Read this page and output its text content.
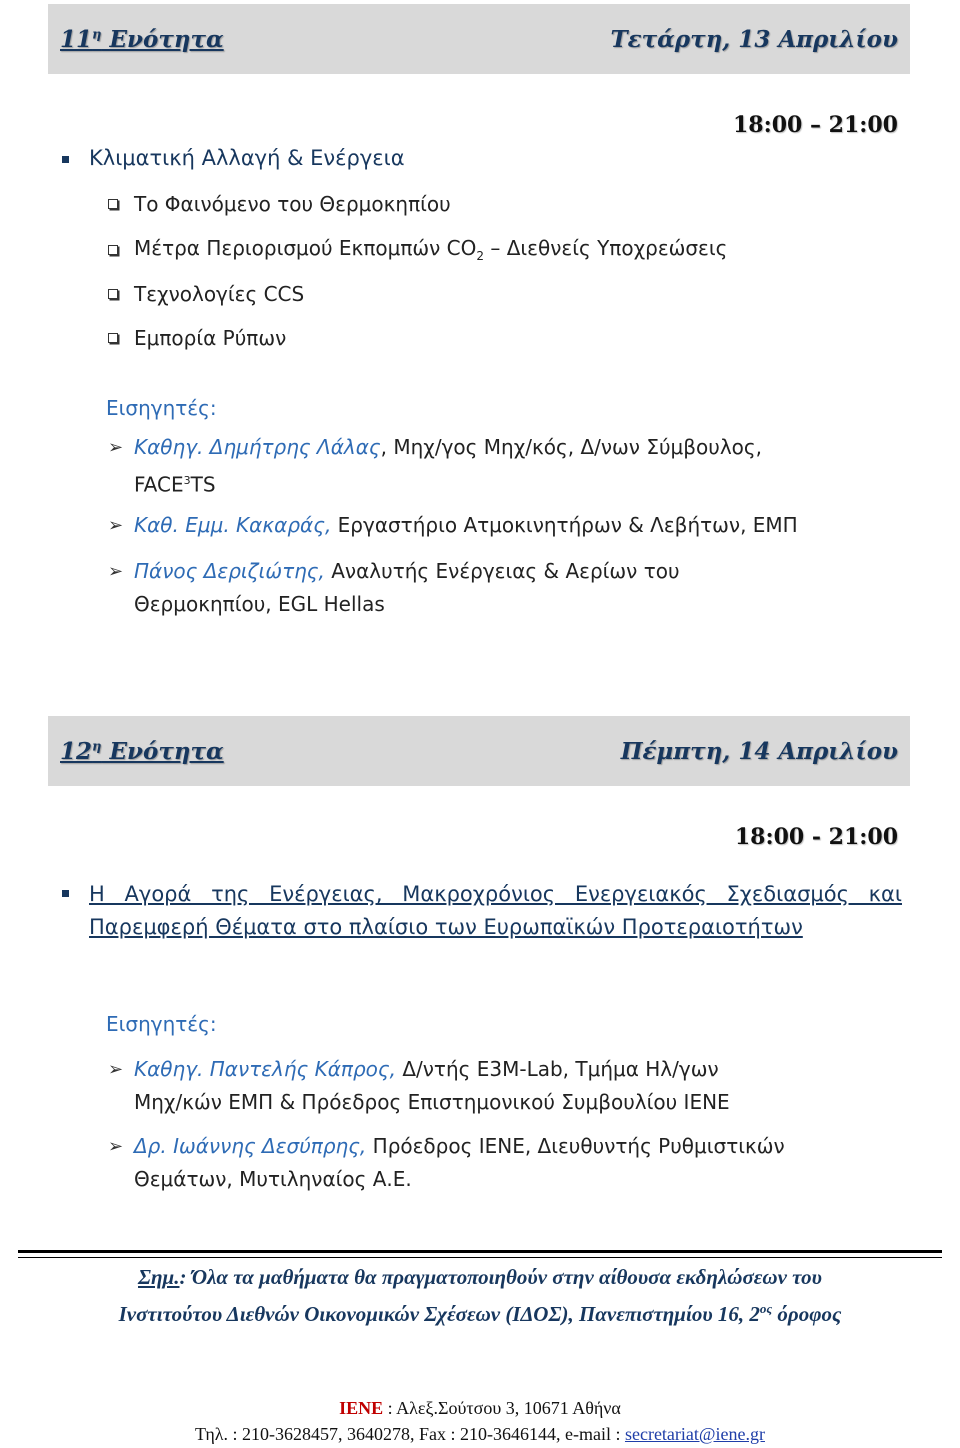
$11^\eta$ Ενότητα	Τετάρτη, 13 Απριλίου
18:00 – 21:00
Κλιματική Αλλαγή & Ενέργεια
Το Φαινόμενο του Θερμοκηπίου
Μέτρα Περιορισμού Εκπομπών $CO_2$ – Διεθνείς Υποχρεώσεις
Τεχνολογίες CCS
Εμπορία Ρύπων
Εισηγητές:
➢ Καθηγ. Δημήτρης Λάλας, Μηχ/γος Μηχ/κός, Δ/νων Σύμβουλος,
FACE$^3$TS
➢ Καθ. Εμμ. Κακαράς, Εργαστήριο Ατμοκινητήρων & Λεβήτων, ΕΜΠ
➢ Πάνος Δεριζιώτης, Αναλυτής Ενέργειας & Αερίων του
Θερμοκηπίου, EGL Hellas
$12^\eta$ Ενότητα	Πέμπτη, 14 Απριλίου
18:00 - 21:00
Η Αγορά της Ενέργειας, Μακροχρόνιος Ενεργειακός Σχεδιασμός και Παρεμφερή Θέματα στο πλαίσιο των Ευρωπαϊκών Προτεραιοτήτων
Εισηγητές:
➢ Καθηγ. Παντελής Κάπρος, Δ/ντής E3M-Lab, Τμήμα Ηλ/γων
Μηχ/κών ΕΜΠ & Πρόεδρος Επιστημονικού Συμβουλίου ΙΕΝΕ
➢ Δρ. Ιωάννης Δεσύπρης, Πρόεδρος ΙΕΝΕ, Διευθυντής Ρυθμιστικών
Θεμάτων, Μυτιληναίος Α.Ε.
Σημ.: Όλα τα μαθήματα θα πραγματοποιηθούν στην αίθουσα εκδηλώσεων του
Ινστιτούτου Διεθνών Οικονομικών Σχέσεων (ΙΔΟΣ), Πανεπιστημίου 16, $2^{o\varsigma}$ όροφος
ΙΕΝΕ : Αλεξ.Σούτσου 3, 10671 Αθήνα
Τηλ. : 210-3628457, 3640278, Fax : 210-3646144, e-mail : secretariat@iene.gr
